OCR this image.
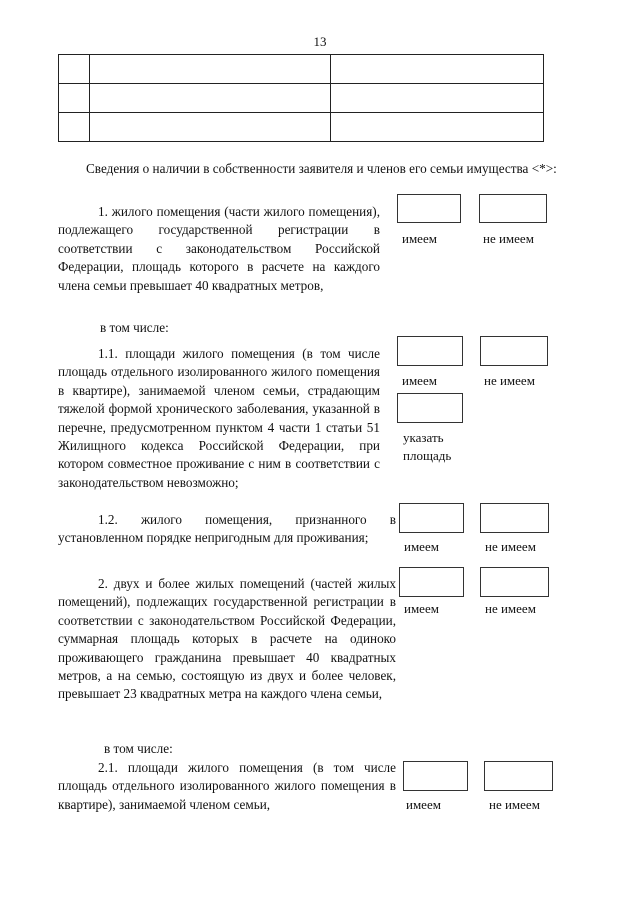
13

Сведения о наличии в собственности заявителя и членов его семьи имущества <*>:
1. жилого помещения (части жилого помещения), подлежащего государственной регистрации в соответствии с законодательством Российской Федерации, площадь которого в расчете на каждого члена семьи превышает 40 квадратных метров,
имеем	не имеем
в том числе:
1.1. площади жилого помещения (в том числе площадь отдельного изолированного жилого помещения в квартире), занимаемой членом семьи, страдающим тяжелой формой хронического заболевания, указанной в перечне, предусмотренном пунктом 4 части 1 статьи 51 Жилищного кодекса Российской Федерации, при котором совместное проживание с ним в соответствии с законодательством невозможно;
имеем	не имеем
указать площадь
1.2. жилого помещения, признанного в установленном порядке непригодным для проживания;
имеем	не имеем
2. двух и более жилых помещений (частей жилых помещений), подлежащих государственной регистрации в соответствии с законодательством Российской Федерации, суммарная площадь которых в расчете на одиноко проживающего гражданина превышает 40 квадратных метров, а на семью, состоящую из двух и более человек, превышает 23 квадратных метра на каждого члена семьи,
имеем	не имеем
в том числе:
2.1. площади жилого помещения (в том числе площадь отдельного изолированного жилого помещения в квартире), занимаемой членом семьи,	имеем	не имеем
